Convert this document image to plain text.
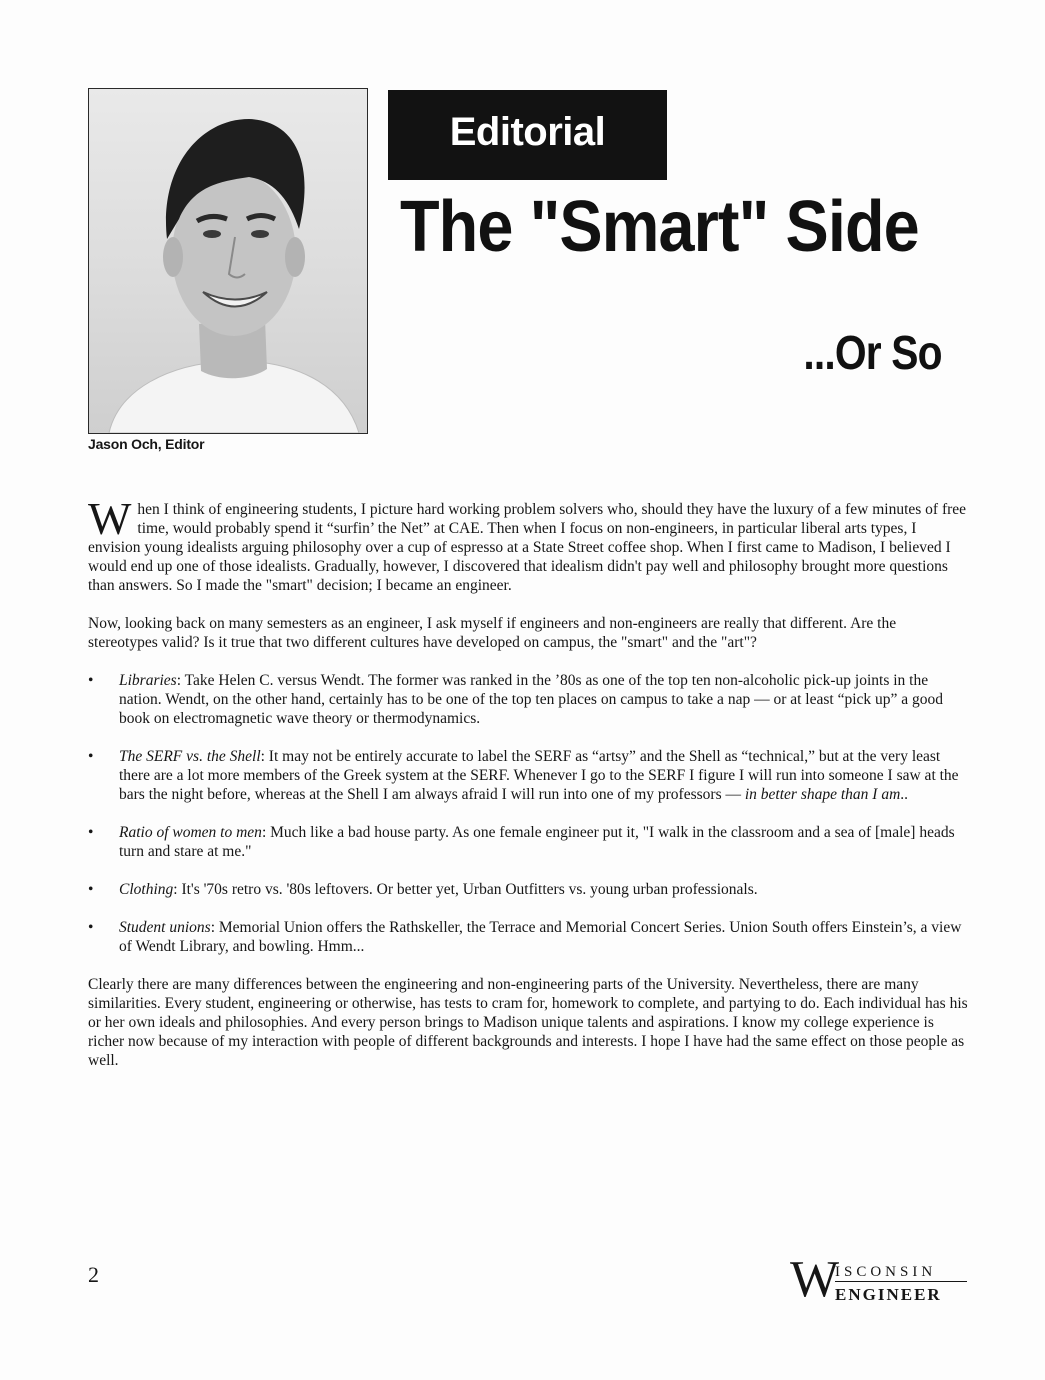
Jason Och, Editor
Editorial
The "Smart" Side
...Or So

When I think of engineering students, I picture hard working problem solvers who, should they have the luxury of a few minutes of free time, would probably spend it “surfin’ the Net” at CAE. Then when I focus on non-engineers, in particular liberal arts types, I envision young idealists arguing philosophy over a cup of espresso at a State Street coffee shop. When I first came to Madison, I believed I would end up one of those idealists. Gradually, however, I discovered that idealism didn't pay well and philosophy brought more questions than answers. So I made the "smart" decision; I became an engineer.

Now, looking back on many semesters as an engineer, I ask myself if engineers and non-engineers are really that different. Are the stereotypes valid? Is it true that two different cultures have developed on campus, the "smart" and the "art"?

• Libraries: Take Helen C. versus Wendt. The former was ranked in the ’80s as one of the top ten non-alcoholic pick-up joints in the nation. Wendt, on the other hand, certainly has to be one of the top ten places on campus to take a nap — or at least “pick up” a good book on electromagnetic wave theory or thermodynamics.
• The SERF vs. the Shell: It may not be entirely accurate to label the SERF as “artsy” and the Shell as “technical,” but at the very least there are a lot more members of the Greek system at the SERF. Whenever I go to the SERF I figure I will run into someone I saw at the bars the night before, whereas at the Shell I am always afraid I will run into one of my professors — in better shape than I am..
• Ratio of women to men: Much like a bad house party. As one female engineer put it, "I walk in the classroom and a sea of [male] heads turn and stare at me."
• Clothing: It's '70s retro vs. '80s leftovers. Or better yet, Urban Outfitters vs. young urban professionals.
• Student unions: Memorial Union offers the Rathskeller, the Terrace and Memorial Concert Series. Union South offers Einstein’s, a view of Wendt Library, and bowling. Hmm...

Clearly there are many differences between the engineering and non-engineering parts of the University. Nevertheless, there are many similarities. Every student, engineering or otherwise, has tests to cram for, homework to complete, and partying to do. Each individual has his or her own ideals and philosophies. And every person brings to Madison unique talents and aspirations. I know my college experience is richer now because of my interaction with people of different backgrounds and interests. I hope I have had the same effect on those people as well.

2	W
ISCONSIN
ENGINEER
